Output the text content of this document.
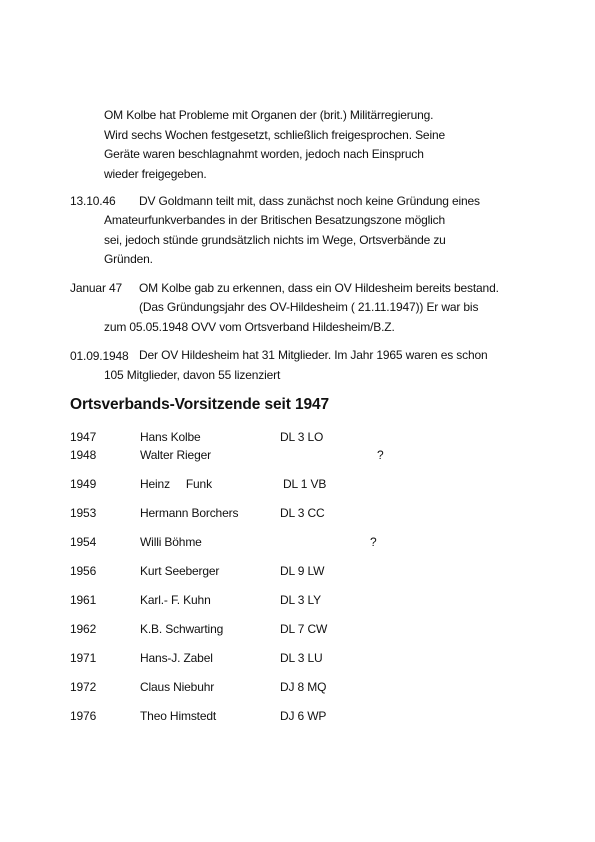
OM Kolbe hat Probleme mit Organen der (brit.) Militärregierung.
Wird sechs Wochen festgesetzt, schließlich freigesprochen. Seine
Geräte waren beschlagnahmt worden, jedoch nach Einspruch
wieder freigegeben.
13.10.46 DV Goldmann teilt mit, dass zunächst noch keine Gründung eines
Amateurfunkverbandes in der Britischen Besatzungszone möglich
sei, jedoch stünde grundsätzlich nichts im Wege, Ortsverbände zu
Gründen.
Januar 47 OM Kolbe gab zu erkennen, dass ein OV Hildesheim bereits bestand.
(Das Gründungsjahr des OV-Hildesheim ( 21.11.1947)) Er war bis
zum 05.05.1948 OVV vom Ortsverband Hildesheim/B.Z.
01.09.1948 Der OV Hildesheim hat 31 Mitglieder. Im Jahr 1965 waren es schon
105 Mitglieder, davon 55 lizenziert
Ortsverbands-Vorsitzende seit 1947
1947	Hans Kolbe	DL 3 LO
1948	Walter Rieger	?
1949	Heinz     Funk	DL 1 VB
1953	Hermann Borchers	DL 3 CC
1954	Willi Böhme	?
1956	Kurt Seeberger	DL 9 LW
1961	Karl.- F. Kuhn	DL 3 LY
1962	K.B. Schwarting	DL 7 CW
1971	Hans-J. Zabel	DL 3 LU
1972	Claus Niebuhr	DJ 8 MQ
1976	Theo Himstedt	DJ 6 WP
